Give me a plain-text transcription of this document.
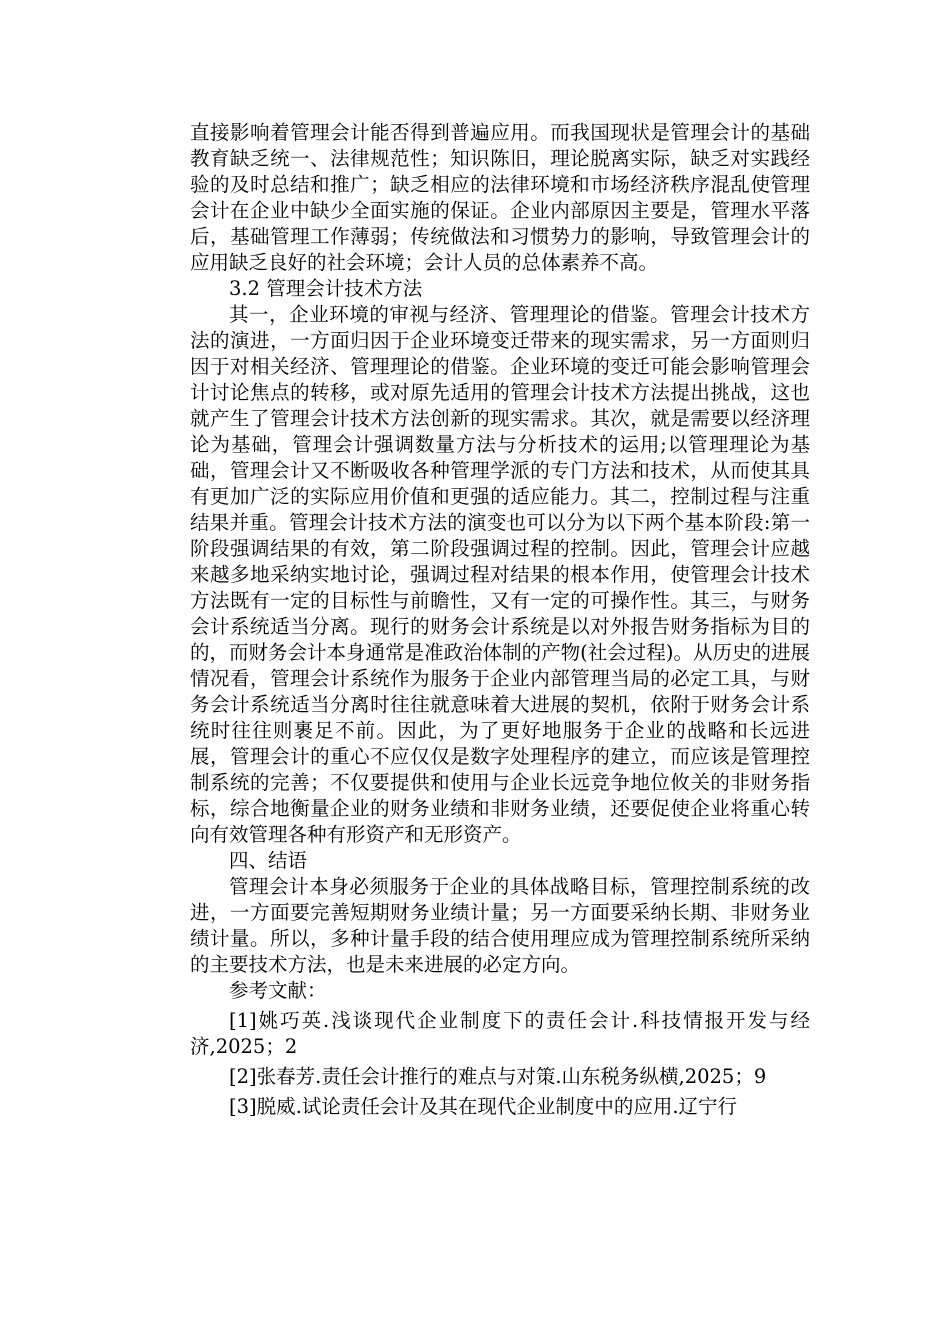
直接影响着管理会计能否得到普遍应用。而我国现状是管理会计的基础教育缺乏统一、法律规范性；知识陈旧，理论脱离实际，缺乏对实践经验的及时总结和推广；缺乏相应的法律环境和市场经济秩序混乱使管理会计在企业中缺少全面实施的保证。企业内部原因主要是，管理水平落后，基础管理工作薄弱；传统做法和习惯势力的影响，导致管理会计的应用缺乏良好的社会环境；会计人员的总体素养不高。

3.2 管理会计技术方法

其一，企业环境的审视与经济、管理理论的借鉴。管理会计技术方法的演进，一方面归因于企业环境变迁带来的现实需求，另一方面则归因于对相关经济、管理理论的借鉴。企业环境的变迁可能会影响管理会计讨论焦点的转移，或对原先适用的管理会计技术方法提出挑战，这也就产生了管理会计技术方法创新的现实需求。其次，就是需要以经济理论为基础，管理会计强调数量方法与分析技术的运用;以管理理论为基础，管理会计又不断吸收各种管理学派的专门方法和技术，从而使其具有更加广泛的实际应用价值和更强的适应能力。其二，控制过程与注重结果并重。管理会计技术方法的演变也可以分为以下两个基本阶段:第一阶段强调结果的有效，第二阶段强调过程的控制。因此，管理会计应越来越多地采纳实地讨论，强调过程对结果的根本作用，使管理会计技术方法既有一定的目标性与前瞻性，又有一定的可操作性。其三，与财务会计系统适当分离。现行的财务会计系统是以对外报告财务指标为目的的，而财务会计本身通常是准政治体制的产物(社会过程)。从历史的进展情况看，管理会计系统作为服务于企业内部管理当局的必定工具，与财务会计系统适当分离时往往就意味着大进展的契机，依附于财务会计系统时往往则裹足不前。因此，为了更好地服务于企业的战略和长远进展，管理会计的重心不应仅仅是数字处理程序的建立，而应该是管理控制系统的完善；不仅要提供和使用与企业长远竞争地位攸关的非财务指标，综合地衡量企业的财务业绩和非财务业绩，还要促使企业将重心转向有效管理各种有形资产和无形资产。

四、结语

管理会计本身必须服务于企业的具体战略目标，管理控制系统的改进，一方面要完善短期财务业绩计量；另一方面要采纳长期、非财务业绩计量。所以，多种计量手段的结合使用理应成为管理控制系统所采纳的主要技术方法，也是未来进展的必定方向。

参考文献：

[1]姚巧英.浅谈现代企业制度下的责任会计.科技情报开发与经济,2025；2

[2]张春芳.责任会计推行的难点与对策.山东税务纵横,2025；9

[3]脱威.试论责任会计及其在现代企业制度中的应用.辽宁行
